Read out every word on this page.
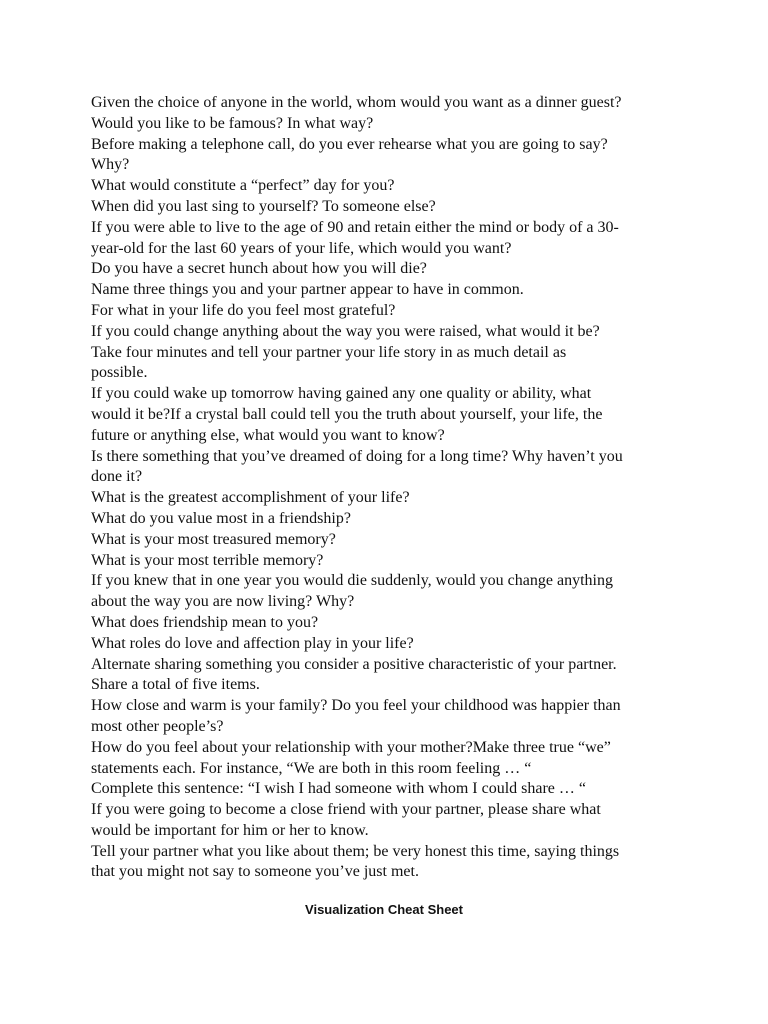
Given the choice of anyone in the world, whom would you want as a dinner guest?
Would you like to be famous? In what way?
Before making a telephone call, do you ever rehearse what you are going to say?
Why?
What would constitute a “perfect” day for you?
When did you last sing to yourself? To someone else?
If you were able to live to the age of 90 and retain either the mind or body of a 30-
year-old for the last 60 years of your life, which would you want?
Do you have a secret hunch about how you will die?
Name three things you and your partner appear to have in common.
For what in your life do you feel most grateful?
If you could change anything about the way you were raised, what would it be?
Take four minutes and tell your partner your life story in as much detail as
possible.
If you could wake up tomorrow having gained any one quality or ability, what
would it be?If a crystal ball could tell you the truth about yourself, your life, the
future or anything else, what would you want to know?
Is there something that you’ve dreamed of doing for a long time? Why haven’t you
done it?
What is the greatest accomplishment of your life?
What do you value most in a friendship?
What is your most treasured memory?
What is your most terrible memory?
If you knew that in one year you would die suddenly, would you change anything
about the way you are now living? Why?
What does friendship mean to you?
What roles do love and affection play in your life?
Alternate sharing something you consider a positive characteristic of your partner.
Share a total of five items.
How close and warm is your family? Do you feel your childhood was happier than
most other people’s?
How do you feel about your relationship with your mother?Make three true “we”
statements each. For instance, “We are both in this room feeling … “
Complete this sentence: “I wish I had someone with whom I could share … “
If you were going to become a close friend with your partner, please share what
would be important for him or her to know.
Tell your partner what you like about them; be very honest this time, saying things
that you might not say to someone you’ve just met.
Visualization Cheat Sheet
